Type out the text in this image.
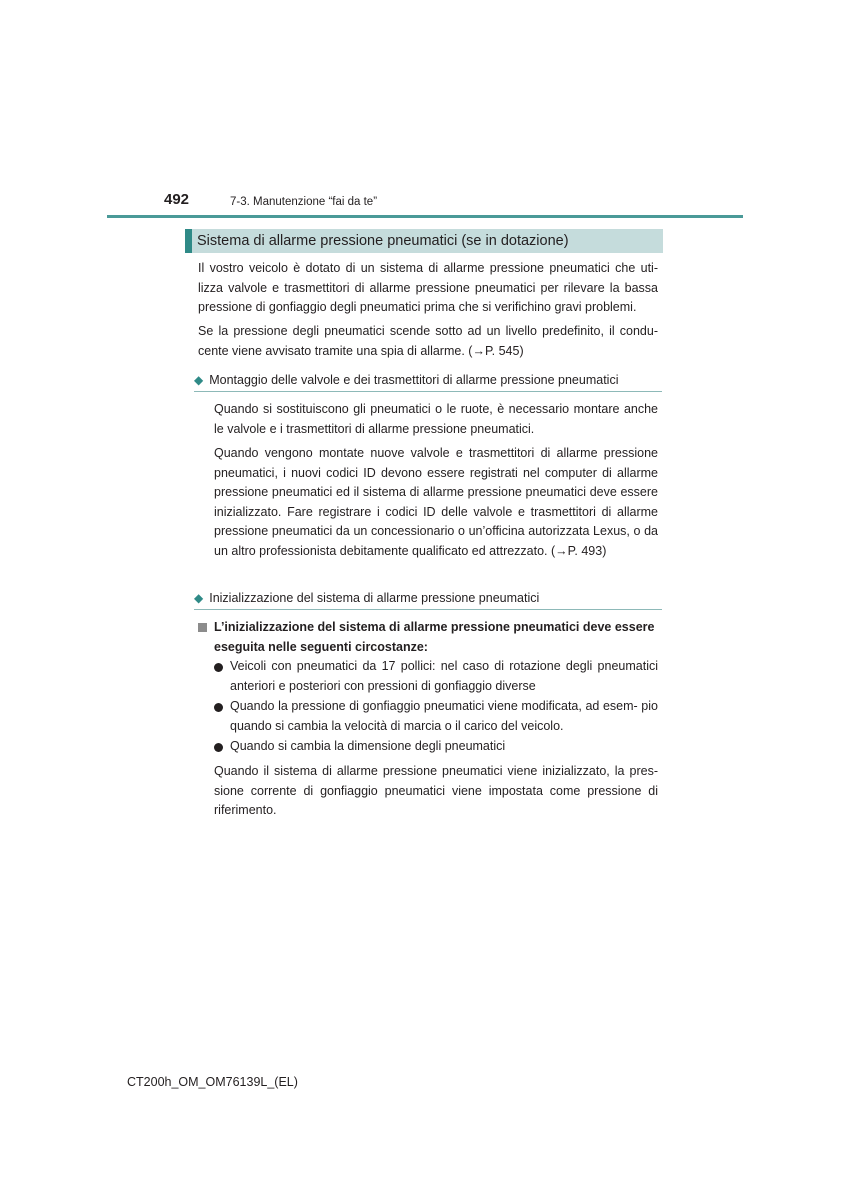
492	7-3. Manutenzione “fai da te”
Sistema di allarme pressione pneumatici (se in dotazione)
Il vostro veicolo è dotato di un sistema di allarme pressione pneumatici che uti- lizza valvole e trasmettitori di allarme pressione pneumatici per rilevare la bassa pressione di gonfiaggio degli pneumatici prima che si verifichino gravi problemi.
Se la pressione degli pneumatici scende sotto ad un livello predefinito, il condu- cente viene avvisato tramite una spia di allarme. (→P. 545)
◆ Montaggio delle valvole e dei trasmettitori di allarme pressione pneumatici
Quando si sostituiscono gli pneumatici o le ruote, è necessario montare anche le valvole e i trasmettitori di allarme pressione pneumatici.
Quando vengono montate nuove valvole e trasmettitori di allarme pressione pneumatici, i nuovi codici ID devono essere registrati nel computer di allarme pressione pneumatici ed il sistema di allarme pressione pneumatici deve essere inizializzato. Fare registrare i codici ID delle valvole e trasmettitori di allarme pressione pneumatici da un concessionario o un’officina autorizzata Lexus, o da un altro professionista debitamente qualificato ed attrezzato. (→P. 493)
◆ Inizializzazione del sistema di allarme pressione pneumatici
L’inizializzazione del sistema di allarme pressione pneumatici deve essere eseguita nelle seguenti circostanze:
Veicoli con pneumatici da 17 pollici: nel caso di rotazione degli pneumatici anteriori e posteriori con pressioni di gonfiaggio diverse
Quando la pressione di gonfiaggio pneumatici viene modificata, ad esem- pio quando si cambia la velocità di marcia o il carico del veicolo.
Quando si cambia la dimensione degli pneumatici
Quando il sistema di allarme pressione pneumatici viene inizializzato, la pres- sione corrente di gonfiaggio pneumatici viene impostata come pressione di riferimento.
CT200h_OM_OM76139L_(EL)
